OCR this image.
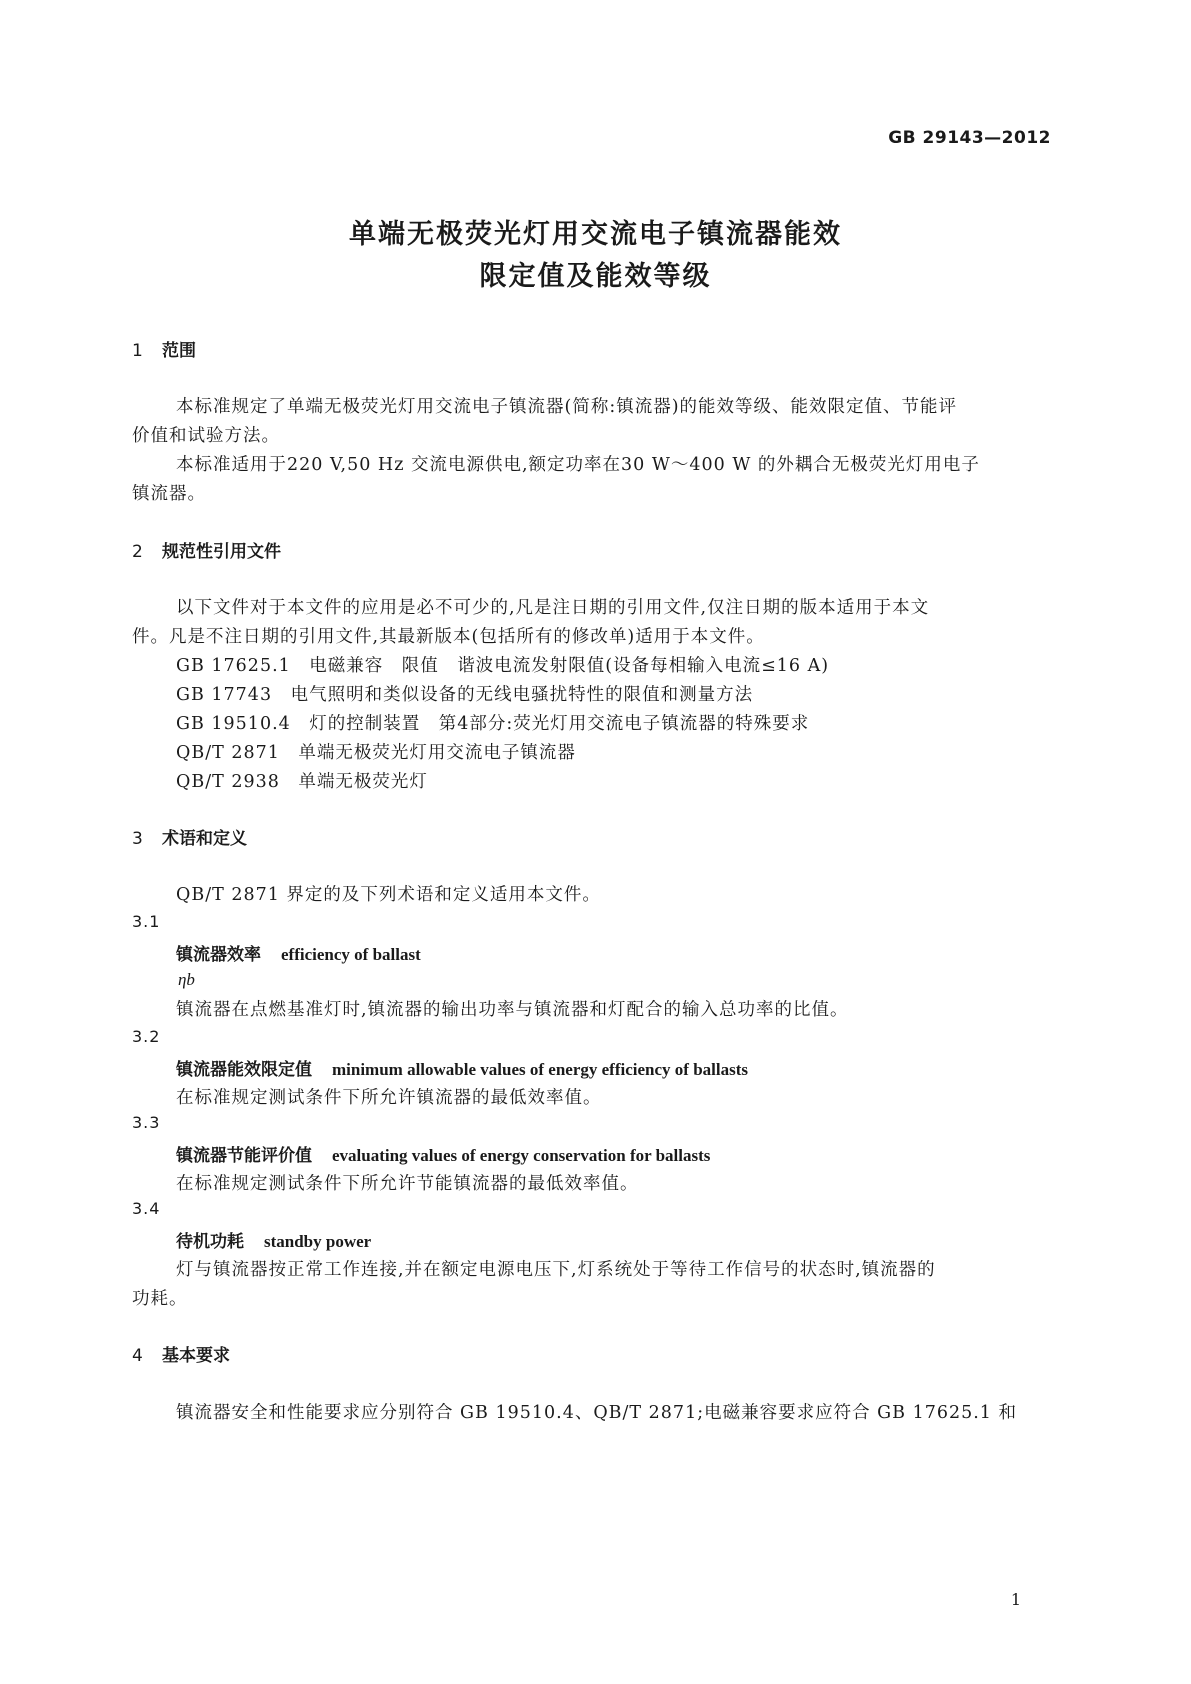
GB 29143—2012
单端无极荧光灯用交流电子镇流器能效
限定值及能效等级
1 范围
本标准规定了单端无极荧光灯用交流电子镇流器(简称:镇流器)的能效等级、能效限定值、节能评
价值和试验方法。
本标准适用于220 V,50 Hz 交流电源供电,额定功率在30 W～400 W 的外耦合无极荧光灯用电子
镇流器。
2 规范性引用文件
以下文件对于本文件的应用是必不可少的,凡是注日期的引用文件,仅注日期的版本适用于本文
件。凡是不注日期的引用文件,其最新版本(包括所有的修改单)适用于本文件。
GB 17625.1　电磁兼容　限值　谐波电流发射限值(设备每相输入电流≤16 A)
GB 17743　电气照明和类似设备的无线电骚扰特性的限值和测量方法
GB 19510.4　灯的控制装置　第4部分:荧光灯用交流电子镇流器的特殊要求
QB/T 2871　单端无极荧光灯用交流电子镇流器
QB/T 2938　单端无极荧光灯
3 术语和定义
QB/T 2871 界定的及下列术语和定义适用本文件。
3.1
镇流器效率 efficiency of ballast
ηb
镇流器在点燃基准灯时,镇流器的输出功率与镇流器和灯配合的输入总功率的比值。
3.2
镇流器能效限定值 minimum allowable values of energy efficiency of ballasts
在标准规定测试条件下所允许镇流器的最低效率值。
3.3
镇流器节能评价值 evaluating values of energy conservation for ballasts
在标准规定测试条件下所允许节能镇流器的最低效率值。
3.4
待机功耗 standby power
灯与镇流器按正常工作连接,并在额定电源电压下,灯系统处于等待工作信号的状态时,镇流器的
功耗。
4 基本要求
镇流器安全和性能要求应分别符合 GB 19510.4、QB/T 2871;电磁兼容要求应符合 GB 17625.1 和
1
